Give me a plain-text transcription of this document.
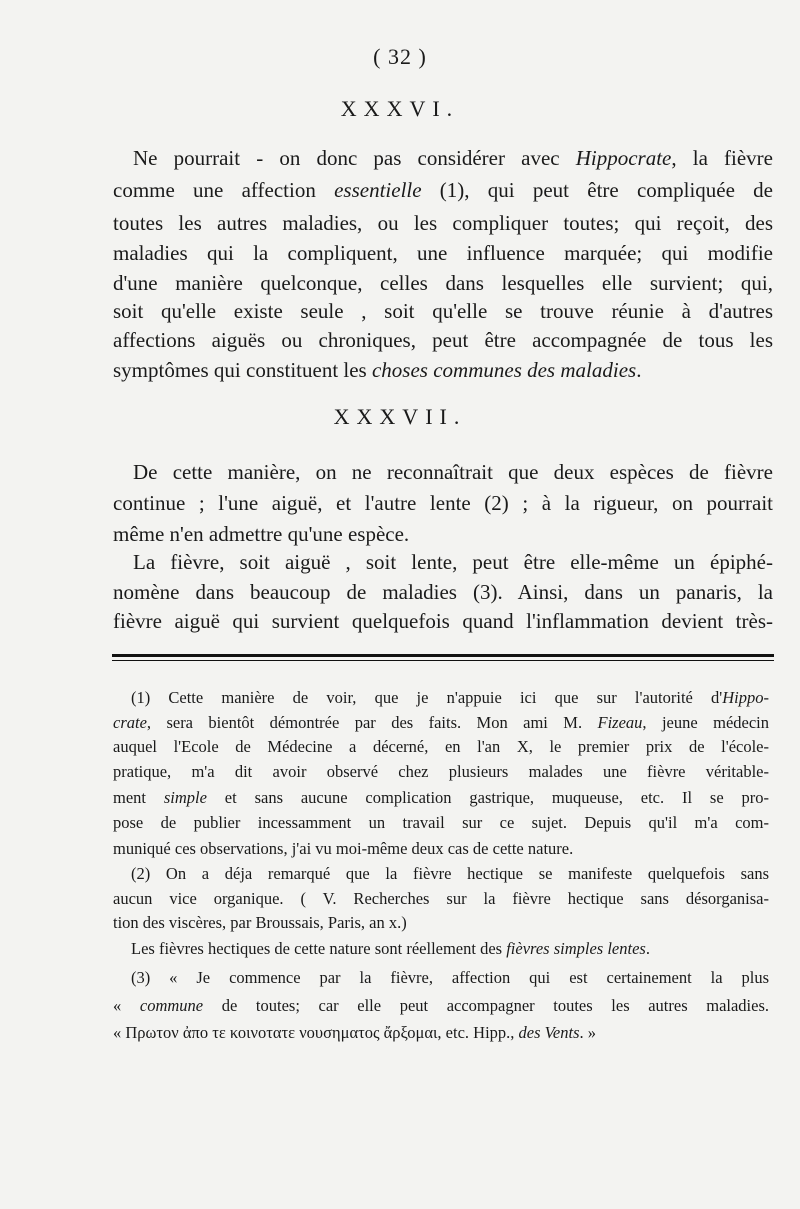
( 32 )
XXXVI.
Ne pourrait - on donc pas considérer avec Hippocrate, la fièvre
comme une affection essentielle (1), qui peut être compliquée de
toutes les autres maladies, ou les compliquer toutes; qui reçoit, des
maladies qui la compliquent, une influence marquée; qui modifie
d'une manière quelconque, celles dans lesquelles elle survient; qui,
soit qu'elle existe seule , soit qu'elle se trouve réunie à d'autres
affections aiguës ou chroniques, peut être accompagnée de tous les
symptômes qui constituent les choses communes des maladies.
XXXVII.
De cette manière, on ne reconnaîtrait que deux espèces de fièvre
continue ; l'une aiguë, et l'autre lente (2) ; à la rigueur, on pourrait
même n'en admettre qu'une espèce.
La fièvre, soit aiguë , soit lente, peut être elle-même un épiphé-
nomène dans beaucoup de maladies (3). Ainsi, dans un panaris, la
fièvre aiguë qui survient quelquefois quand l'inflammation devient très-
(1) Cette manière de voir, que je n'appuie ici que sur l'autorité d'Hippo-
crate, sera bientôt démontrée par des faits. Mon ami M. Fizeau, jeune médecin
auquel l'Ecole de Médecine a décerné, en l'an X, le premier prix de l'école-
pratique, m'a dit avoir observé chez plusieurs malades une fièvre véritable-
ment simple et sans aucune complication gastrique, muqueuse, etc. Il se pro-
pose de publier incessamment un travail sur ce sujet. Depuis qu'il m'a com-
muniqué ces observations, j'ai vu moi-même deux cas de cette nature.
(2) On a déja remarqué que la fièvre hectique se manifeste quelquefois sans
aucun vice organique. ( V. Recherches sur la fièvre hectique sans désorganisa-
tion des viscères, par Broussais, Paris, an x.)
Les fièvres hectiques de cette nature sont réellement des fièvres simples lentes.
(3) « Je commence par la fièvre, affection qui est certainement la plus
« commune de toutes; car elle peut accompagner toutes les autres maladies.
« Πρωτον ἀπο τε κοινοτατε νουσηματος ἄρξομαι, etc. Hipp., des Vents. »
